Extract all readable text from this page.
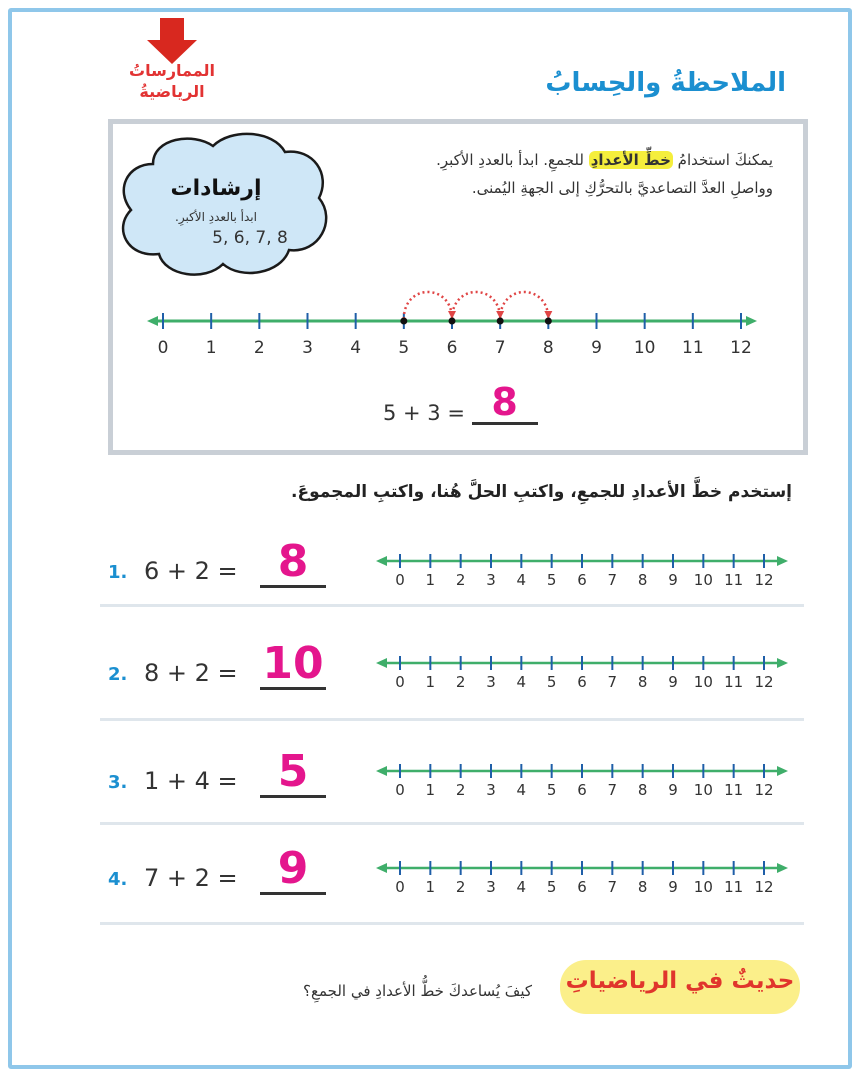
الممارساتُ الرياضيةُ	الملاحظةُ والحِسابُ
إرشادات
ابدأ بالعددِ الأكبرِ.
5, 6, 7, 8
يمكنكَ استخدامُ خطِّ الأعدادِ للجمعِ. ابدأ بالعددِ الأكبرِ. وواصلِ العدَّ التصاعديَّ بالتحرُّكِ إلى الجهةِ اليُمنى.
0 1 2 3 4 5 6 7 8 9 10 11 12
5 + 3 = 8
إستخدم خطَّ الأعدادِ للجمعِ، واكتبِ الحلَّ هُنا، واكتبِ المجموعَ.
1. 6 + 2 = 8	0 1 2 3 4 5 6 7 8 9 10 11 12
2. 8 + 2 = 10	0 1 2 3 4 5 6 7 8 9 10 11 12
3. 1 + 4 = 5	0 1 2 3 4 5 6 7 8 9 10 11 12
4. 7 + 2 = 9	0 1 2 3 4 5 6 7 8 9 10 11 12
حديثٌ في الرياضياتِ
كيفَ يُساعدكَ خطُّ الأعدادِ في الجمعِ؟
